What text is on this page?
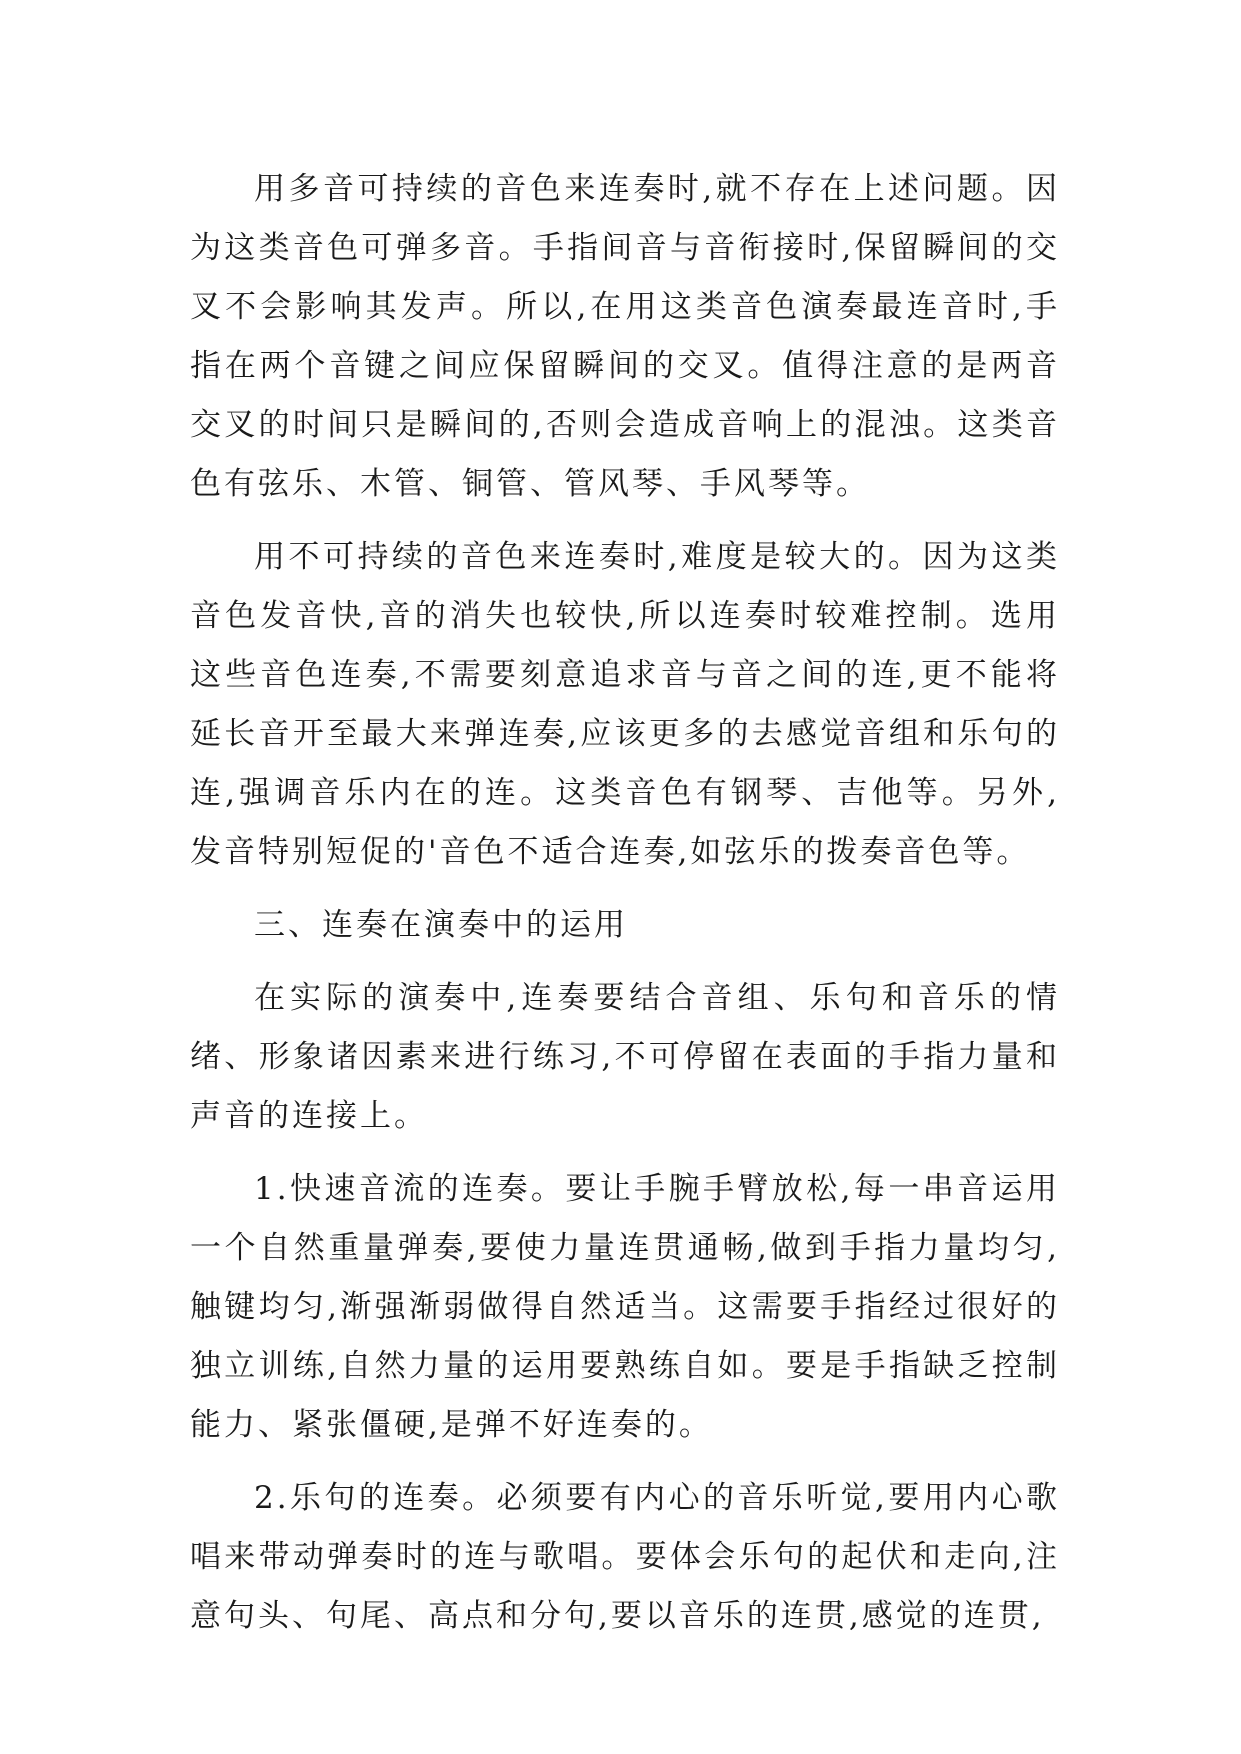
用多音可持续的音色来连奏时,就不存在上述问题。因为这类音色可弹多音。手指间音与音衔接时,保留瞬间的交叉不会影响其发声。所以,在用这类音色演奏最连音时,手指在两个音键之间应保留瞬间的交叉。值得注意的是两音交叉的时间只是瞬间的,否则会造成音响上的混浊。这类音色有弦乐、木管、铜管、管风琴、手风琴等。

用不可持续的音色来连奏时,难度是较大的。因为这类音色发音快,音的消失也较快,所以连奏时较难控制。选用这些音色连奏,不需要刻意追求音与音之间的连,更不能将延长音开至最大来弹连奏,应该更多的去感觉音组和乐句的连,强调音乐内在的连。这类音色有钢琴、吉他等。另外,发音特别短促的'音色不适合连奏,如弦乐的拨奏音色等。

三、连奏在演奏中的运用

在实际的演奏中,连奏要结合音组、乐句和音乐的情绪、形象诸因素来进行练习,不可停留在表面的手指力量和声音的连接上。

1.快速音流的连奏。要让手腕手臂放松,每一串音运用一个自然重量弹奏,要使力量连贯通畅,做到手指力量均匀,触键均匀,渐强渐弱做得自然适当。这需要手指经过很好的独立训练,自然力量的运用要熟练自如。要是手指缺乏控制能力、紧张僵硬,是弹不好连奏的。

2.乐句的连奏。必须要有内心的音乐听觉,要用内心歌唱来带动弹奏时的连与歌唱。要体会乐句的起伏和走向,注意句头、句尾、高点和分句,要以音乐的连贯,感觉的连贯,
